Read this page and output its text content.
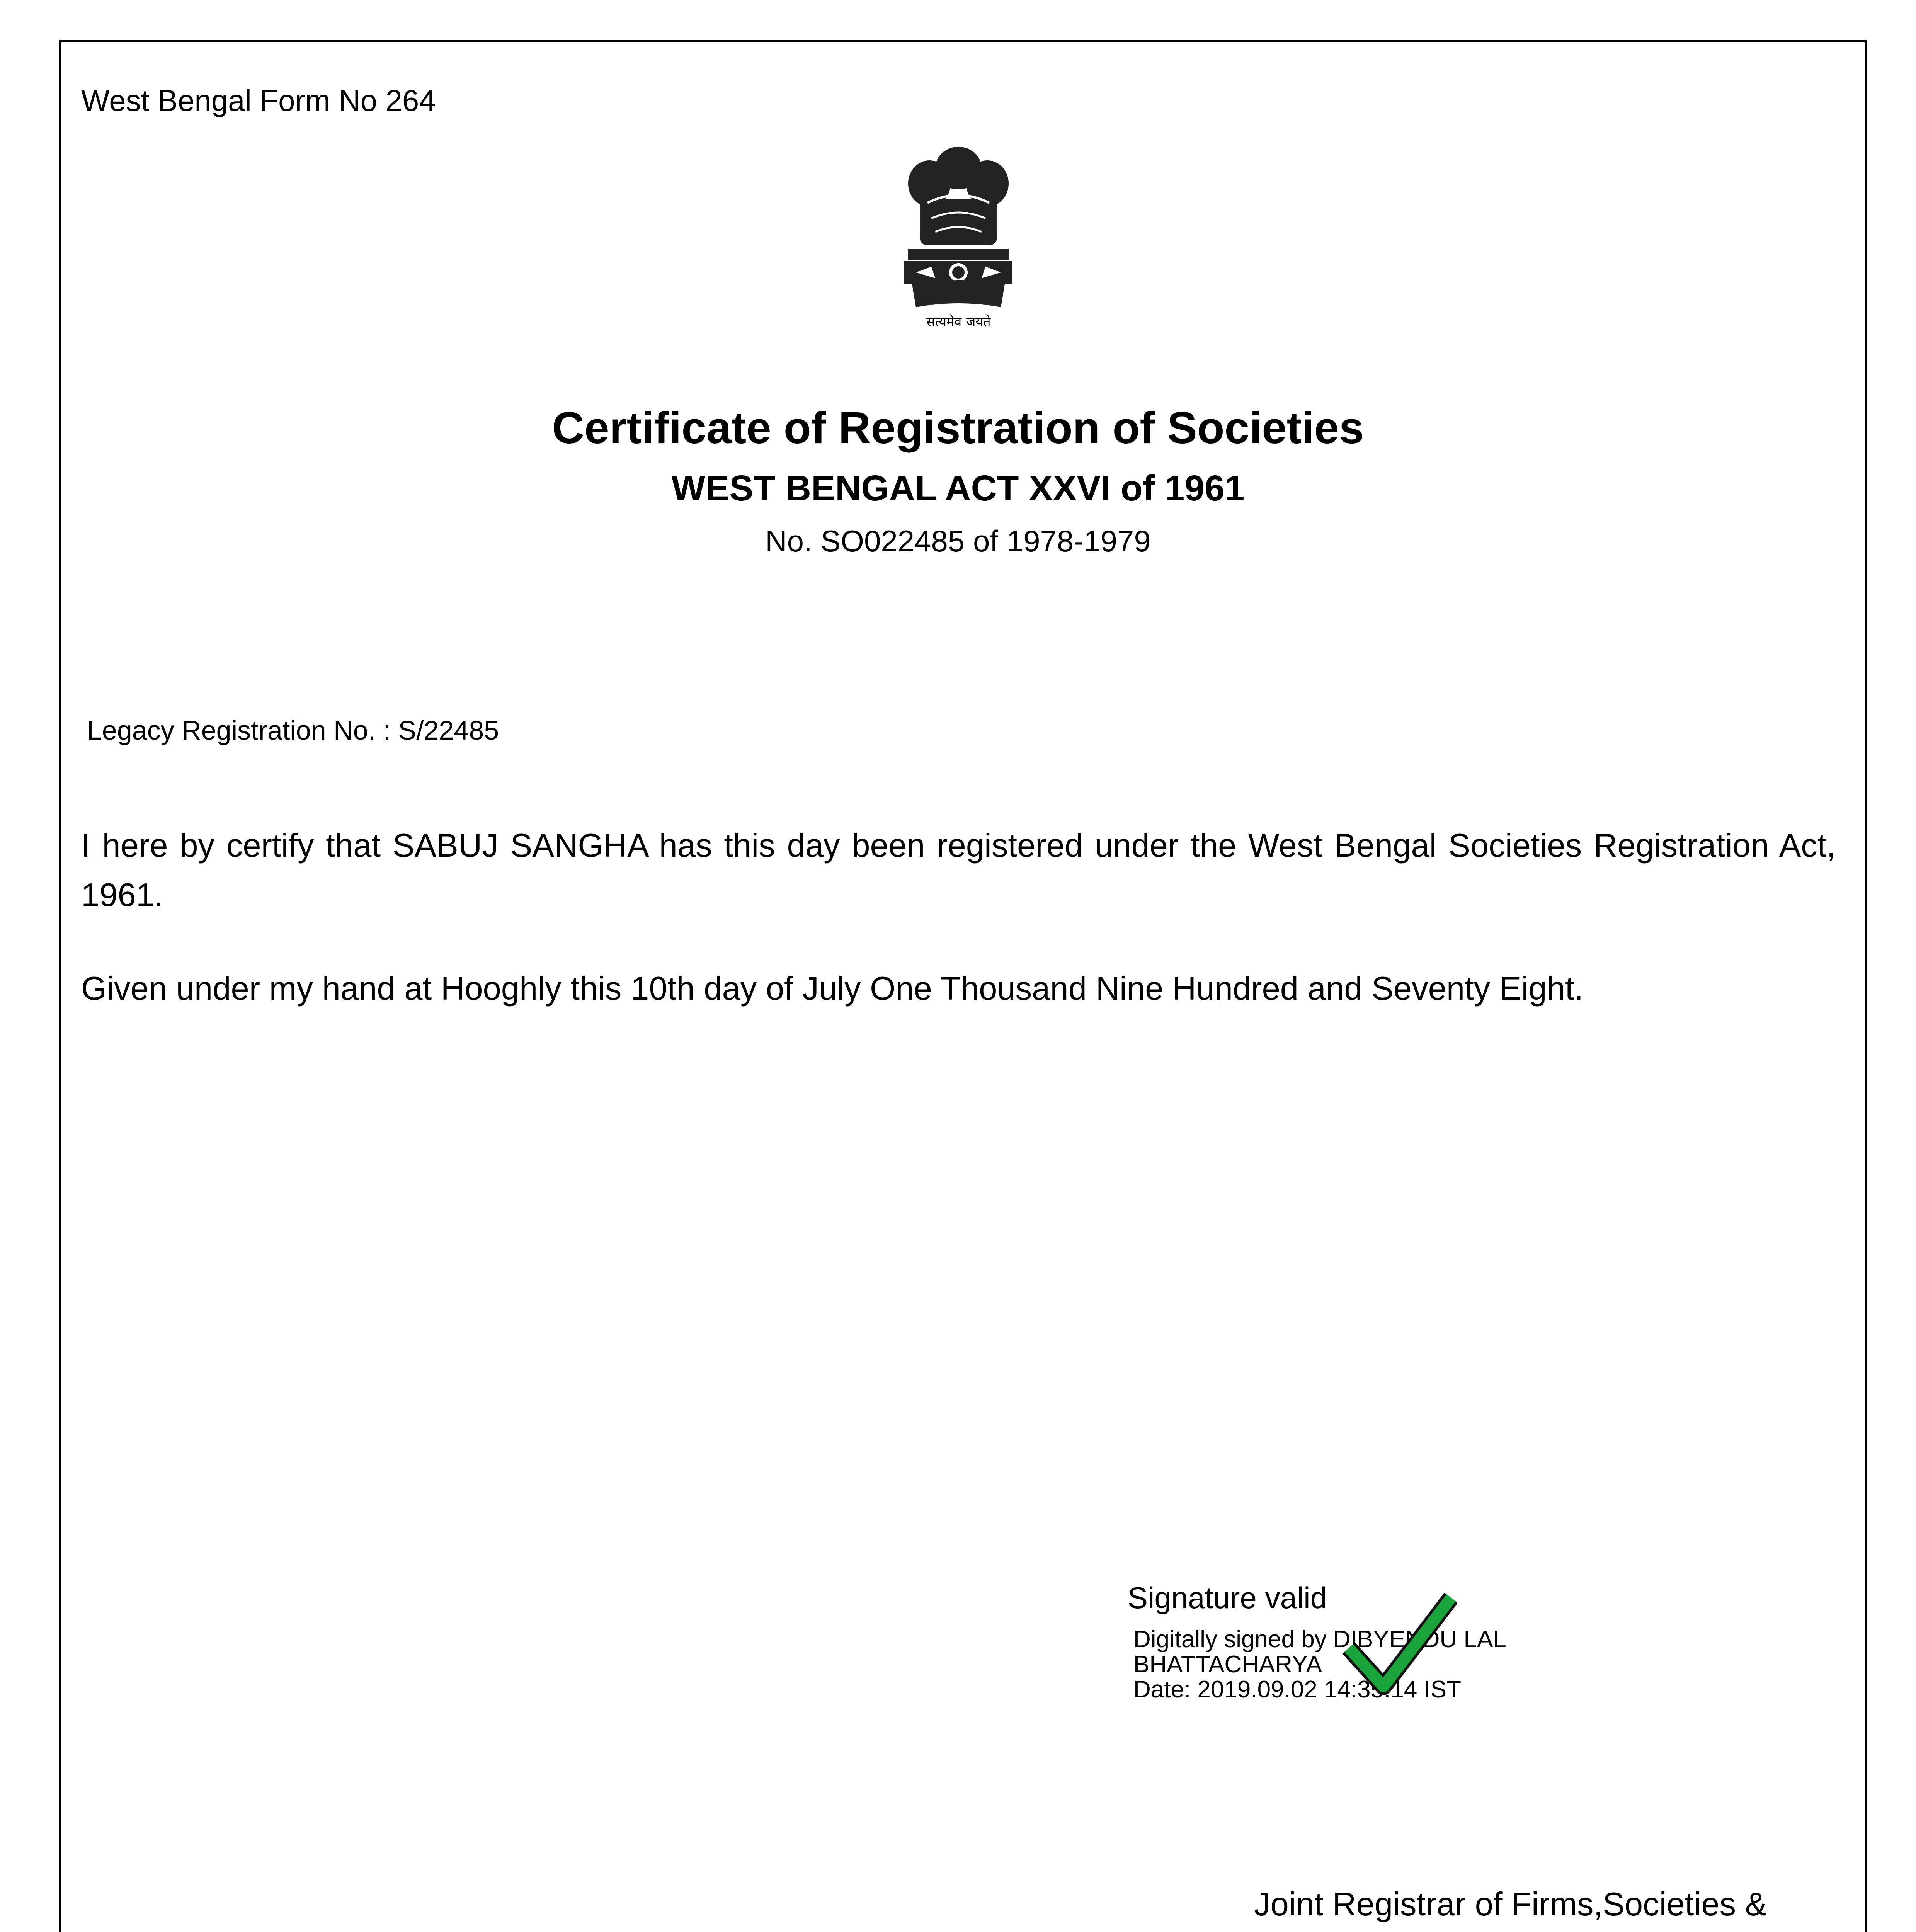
West Bengal Form No 264
सत्यमेव जयते
Certificate of Registration of Societies
WEST BENGAL ACT XXVI of 1961
No. SO022485 of 1978-1979
Legacy Registration No. : S/22485
I here by certify that SABUJ SANGHA has this day been registered under the West Bengal Societies Registration Act, 1961.
Given under my hand at Hooghly this 10th day of July One Thousand Nine Hundred and Seventy Eight.
Signature valid
Digitally signed by DIBYENDU LAL
BHATTACHARYA
Date: 2019.09.02 14:35:14 IST
Joint Registrar of Firms,Societies &
